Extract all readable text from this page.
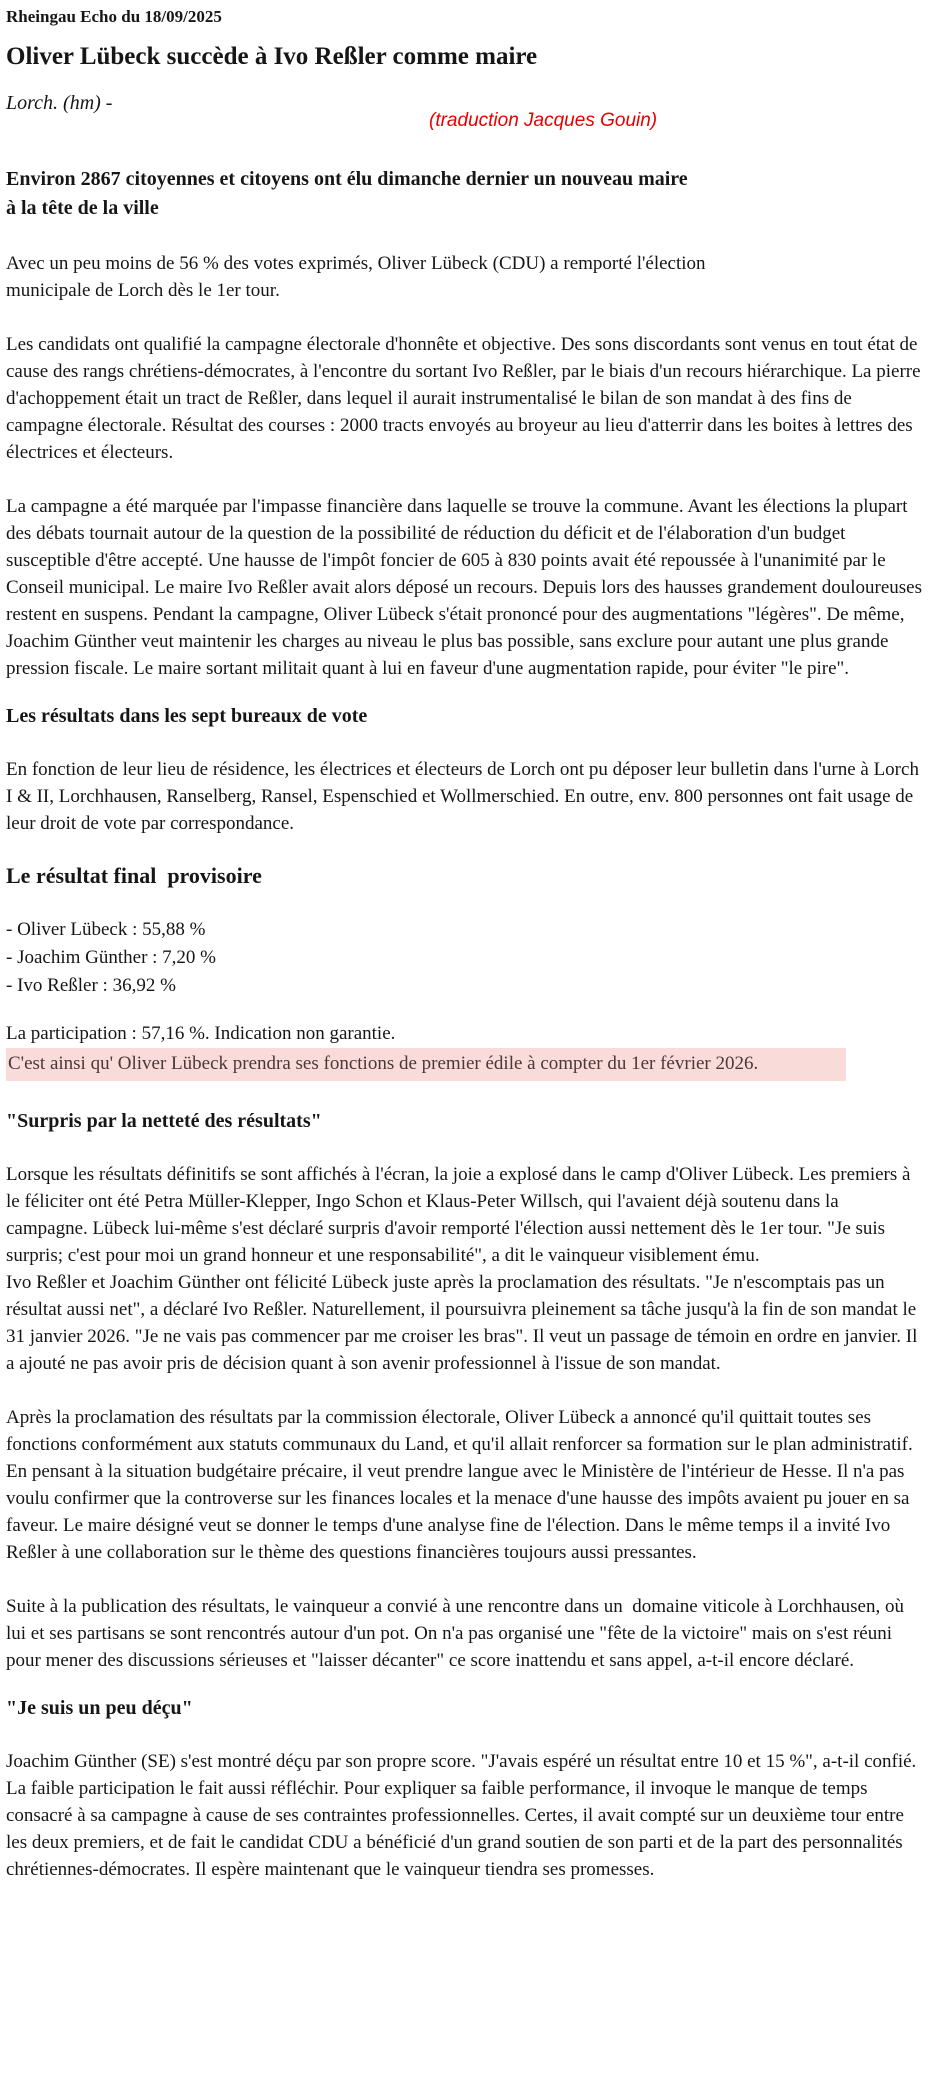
Rheingau Echo du 18/09/2025
Oliver Lübeck succède à Ivo Reßler comme maire
Lorch. (hm) -
(traduction Jacques Gouin)
Environ 2867 citoyennes et citoyens ont élu dimanche dernier un nouveau maire
à la tête de la ville

Avec un peu moins de 56 % des votes exprimés, Oliver Lübeck (CDU) a remporté l'élection
municipale de Lorch dès le 1er tour.

Les candidats ont qualifié la campagne électorale d'honnête et objective. Des sons discordants sont venus en tout état de cause des rangs chrétiens-démocrates, à l'encontre du sortant Ivo Reßler, par le biais d'un recours hiérarchique. La pierre d'achoppement était un tract de Reßler, dans lequel il aurait instrumentalisé le bilan de son mandat à des fins de campagne électorale. Résultat des courses : 2000 tracts envoyés au broyeur au lieu d'atterrir dans les boites à lettres des électrices et électeurs.

La campagne a été marquée par l'impasse financière dans laquelle se trouve la commune. Avant les élections la plupart des débats tournait autour de la question de la possibilité de réduction du déficit et de l'élaboration d'un budget susceptible d'être accepté. Une hausse de l'impôt foncier de 605 à 830 points avait été repoussée à l'unanimité par le Conseil municipal. Le maire Ivo Reßler avait alors déposé un recours. Depuis lors des hausses grandement douloureuses restent en suspens. Pendant la campagne, Oliver Lübeck s'était prononcé pour des augmentations "légères". De même, Joachim Günther veut maintenir les charges au niveau le plus bas possible, sans exclure pour autant une plus grande pression fiscale. Le maire sortant militait quant à lui en faveur d'une augmentation rapide, pour éviter "le pire".

Les résultats dans les sept bureaux de vote

En fonction de leur lieu de résidence, les électrices et électeurs de Lorch ont pu déposer leur bulletin dans l'urne à Lorch I & II, Lorchhausen, Ranselberg, Ransel, Espenschied et Wollmerschied. En outre, env. 800 personnes ont fait usage de leur droit de vote par correspondance.

Le résultat final  provisoire
- Oliver Lübeck : 55,88 %
- Joachim Günther : 7,20 %
- Ivo Reßler : 36,92 %

La participation : 57,16 %. Indication non garantie.
C'est ainsi qu' Oliver Lübeck prendra ses fonctions de premier édile à compter du 1er février 2026.

"Surpris par la netteté des résultats"

Lorsque les résultats définitifs se sont affichés à l'écran, la joie a explosé dans le camp d'Oliver Lübeck. Les premiers à le féliciter ont été Petra Müller-Klepper, Ingo Schon et Klaus-Peter Willsch, qui l'avaient déjà soutenu dans la campagne. Lübeck lui-même s'est déclaré surpris d'avoir remporté l'élection aussi nettement dès le 1er tour. "Je suis surpris; c'est pour moi un grand honneur et une responsabilité", a dit le vainqueur visiblement ému.
Ivo Reßler et Joachim Günther ont félicité Lübeck juste après la proclamation des résultats. "Je n'escomptais pas un résultat aussi net", a déclaré Ivo Reßler. Naturellement, il poursuivra pleinement sa tâche jusqu'à la fin de son mandat le 31 janvier 2026. "Je ne vais pas commencer par me croiser les bras". Il veut un passage de témoin en ordre en janvier. Il a ajouté ne pas avoir pris de décision quant à son avenir professionnel à l'issue de son mandat.

Après la proclamation des résultats par la commission électorale, Oliver Lübeck a annoncé qu'il quittait toutes ses fonctions conformément aux statuts communaux du Land, et qu'il allait renforcer sa formation sur le plan administratif. En pensant à la situation budgétaire précaire, il veut prendre langue avec le Ministère de l'intérieur de Hesse. Il n'a pas voulu confirmer que la controverse sur les finances locales et la menace d'une hausse des impôts avaient pu jouer en sa faveur. Le maire désigné veut se donner le temps d'une analyse fine de l'élection. Dans le même temps il a invité Ivo Reßler à une collaboration sur le thème des questions financières toujours aussi pressantes.

Suite à la publication des résultats, le vainqueur a convié à une rencontre dans un  domaine viticole à Lorchhausen, où lui et ses partisans se sont rencontrés autour d'un pot. On n'a pas organisé une "fête de la victoire" mais on s'est réuni pour mener des discussions sérieuses et "laisser décanter" ce score inattendu et sans appel, a-t-il encore déclaré.

"Je suis un peu déçu"

Joachim Günther (SE) s'est montré déçu par son propre score. "J'avais espéré un résultat entre 10 et 15 %", a-t-il confié. La faible participation le fait aussi réfléchir. Pour expliquer sa faible performance, il invoque le manque de temps consacré à sa campagne à cause de ses contraintes professionnelles. Certes, il avait compté sur un deuxième tour entre les deux premiers, et de fait le candidat CDU a bénéficié d'un grand soutien de son parti et de la part des personnalités chrétiennes-démocrates. Il espère maintenant que le vainqueur tiendra ses promesses.
